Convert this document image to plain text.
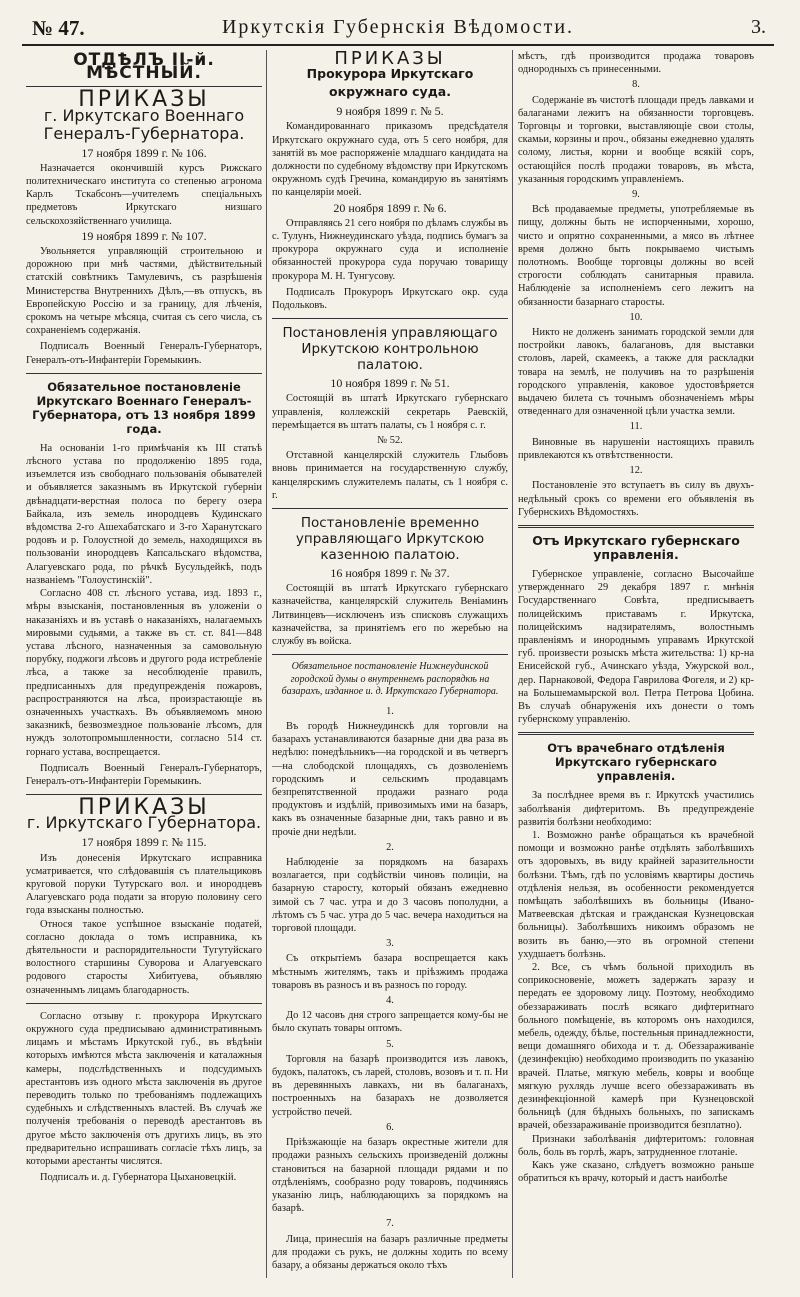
№ 47.	Иркутскія Губернскія Вѣдомости.	3.
ОТДѢЛЪ II-й. МѢСТНЫЙ.
ПРИКАЗЫ
г. Иркутскаго Военнаго Генералъ-Губернатора.
17 ноября 1899 г. № 106.

Назначается окончившій курсъ Рижскаго политехническаго института со степенью агронома Карлъ Тскабсонъ—учителемъ спеціальныхъ предметовъ Иркутскаго низшаго сельскохозяйственнаго училища.

19 ноября 1899 г. № 107.

Увольняется управляющій строительною и дорожною при мнѣ частями, дѣйствительный статскій совѣтникъ Тамулевичъ, съ разрѣшенія Министерства Внутреннихъ Дѣлъ,—въ отпускъ, въ Европейскую Россію и за границу, для лѣченія, срокомъ на четыре мѣсяца, считая съ сего числа, съ сохраненіемъ содержанія.

Подписалъ Военный Генералъ-Губернаторъ, Генералъ-отъ-Инфантеріи Горемыкинъ.

Обязательное постановленіе Иркутскаго Военнаго Генералъ-Губернатора, отъ 13 ноября 1899 года.

На основаніи 1-го примѣчанія къ III статьѣ лѣсного устава по продолженію 1895 года, изъемлется изъ свободнаго пользованія обывателей и объявляется заказнымъ въ Иркутской губерніи двѣнадцати-верстная полоса по берегу озера Байкала, изъ земель инородцевъ Кудинскаго вѣдомства 2-го Ашехабатскаго и 3-го Харанутскаго родовъ и р. Голоустной до земель, находящихся въ пользованіи инородцевъ Капсальскаго вѣдомства, Алагуевскаго рода, по рѣчкѣ Бусульдейкѣ, подъ названіемъ "Голоустинскій".

Согласно 408 ст. лѣсного устава, изд. 1893 г., мѣры взысканія, постановленныя въ уложеніи о наказаніяхъ и въ уставѣ о наказаніяхъ, налагаемыхъ мировыми судьями, а также въ ст. ст. 841—848 устава лѣсного, назначенныя за самовольную порубку, поджоги лѣсовъ и другого рода истребленіе лѣса, а также за несоблюденіе правилъ, предписанныхъ для предупрежденія пожаровъ, распространяются на лѣса, произрастающіе въ означенныхъ участкахъ. Въ объявляемомъ мною заказникѣ, безвозмездное пользованіе лѣсомъ, для нуждъ золотопромышленности, согласно 514 ст. горнаго устава, воспрещается.

Подписалъ Военный Генералъ-Губернаторъ, Генералъ-отъ-Инфантеріи Горемыкинъ.

ПРИКАЗЫ
г. Иркутскаго Губернатора.
17 ноября 1899 г. № 115.

Изъ донесенія Иркутскаго исправника усматривается, что слѣдовавшія съ плательщиковъ круговой поруки Тутурскаго вол. и инородцевъ Алагуевскаго рода подати за вторую половину сего года взысканы полностью.

Относя такое успѣшное взысканіе податей, согласно доклада о томъ исправника, къ дѣятельности и распорядительности Тугутуйскаго волостного старшины Суворова и Алагуевскаго родового старосты Хибитуева, объявляю означеннымъ лицамъ благодарность.

Согласно отзыву г. прокурора Иркутскаго окружного суда предписываю административнымъ лицамъ и мѣстамъ Иркутской губ., въ вѣдѣніи которыхъ имѣются мѣста заключенія и каталажныя камеры, подслѣдственныхъ и подсудимыхъ арестантовъ изъ одного мѣста заключенія въ другое переводить только по требованіямъ подлежащихъ судебныхъ и слѣдственныхъ властей. Въ случаѣ же полученія требованія о переводѣ арестантовъ въ другое мѣсто заключенія отъ другихъ лицъ, въ это предварительно испрашивать согласіе тѣхъ лицъ, за которыми арестанты числятся.

Подписалъ и. д. Губернатора Цыхановецкій.

ПРИКАЗЫ
Прокурора Иркутскаго окружнаго суда.
9 ноября 1899 г. № 5.

Командированнаго приказомъ предсѣдателя Иркутскаго окружнаго суда, отъ 5 сего ноября, для занятій въ мое распоряженіе младшаго кандидата на должности по судебному вѣдомству при Иркутскомъ окружномъ судѣ Гречина, командирую въ занятіямъ по канцеляріи моей.

20 ноября 1899 г. № 6.

Отправляясь 21 сего ноября по дѣламъ службы въ с. Тулунъ, Нижнеудинскаго уѣзда, подпись бумагъ за прокурора окружнаго суда и исполненіе обязанностей прокурора суда поручаю товарищу прокурора М. Н. Тунгусову.

Подписалъ Прокуроръ Иркутскаго окр. суда Подольковъ.

Постановленія управляющаго Иркутскою контрольною палатою.
10 ноября 1899 г. № 51.

Состоящій въ штатѣ Иркутскаго губернскаго управленія, коллежскій секретарь Раевскій, перемѣщается въ штатъ палаты, съ 1 ноября с. г.

№ 52.

Отставной канцелярскій служитель Глыбовъ вновь принимается на государственную службу, канцелярскимъ служителемъ палаты, съ 1 ноября с. г.

Постановленіе временно управляющаго Иркутскою казенною палатою.
16 ноября 1899 г. № 37.

Состоящій въ штатѣ Иркутскаго губернскаго казначейства, канцелярскій служитель Веніаминъ Литвинцевъ—исключенъ изъ списковъ служащихъ казначейства, за принятіемъ его по жеребью на службу въ войска.

Обязательное постановленіе Нижнеудинской городской думы о внутреннемъ распорядкѣ на базарахъ, изданное и. д. Иркутскаго Губернатора.
1.

Въ городѣ Нижнеудинскѣ для торговли на базарахъ устанавливаются базарные дни два раза въ недѣлю: понедѣльникъ—на городской и въ четвергъ—на слободской площадяхъ, съ дозволеніемъ городскимъ и сельскимъ продавцамъ безпрепятственной продажи разнаго рода продуктовъ и издѣлій, привозимыхъ ими на базаръ, какъ въ означенные базарные дни, такъ равно и въ прочіе дни недѣли.

2.

Наблюденіе за порядкомъ на базарахъ возлагается, при содѣйствіи чиновъ полиціи, на базарную старосту, который обязанъ ежедневно зимой съ 7 час. утра и до 3 часовъ пополудни, а лѣтомъ съ 5 час. утра до 5 час. вечера находиться на торговой площади.

3.

Съ открытіемъ базара воспрещается какъ мѣстнымъ жителямъ, такъ и пріѣзжимъ продажа товаровъ въ разносъ и въ разносъ по городу.

4.

До 12 часовъ дня строго запрещается кому-бы не было скупать товары оптомъ.

5.

Торговля на базарѣ производится изъ лавокъ, будокъ, палатокъ, съ ларей, столовъ, возовъ и т. п. Ни въ деревянныхъ лавкахъ, ни въ балаганахъ, построенныхъ на базарахъ не дозволяется устройство печей.

6.

Пріѣзжающіе на базаръ окрестные жители для продажи разныхъ сельскихъ произведеній должны становиться на базарной площади рядами и по отдѣленіямъ, сообразно роду товаровъ, подчиняясь указанію лицъ, наблюдающихъ за порядкомъ на базарѣ.

7.

Лица, принесшія на базаръ различные предметы для продажи съ рукъ, не должны ходить по всему базару, а обязаны держаться около тѣхъ

мѣстъ, гдѣ производится продажа товаровъ однородныхъ съ принесенными.

8.

Содержаніе въ чистотѣ площади предъ лавками и балаганами лежитъ на обязанности торговцевъ. Торговцы и торговки, выставляющіе свои столы, скамьи, корзины и проч., обязаны ежедневно удалять солому, листья, корни и вообще всякій соръ, остающійся послѣ продажи товаровъ, въ мѣста, указанныя городскимъ управленіемъ.

9.

Всѣ продаваемые предметы, употребляемые въ пищу, должны быть не испорченными, хорошо, чисто и опрятно сохраненными, а мясо въ лѣтнее время должно быть покрываемо чистымъ полотномъ. Вообще торговцы должны во всей строгости соблюдать санитарныя правила. Наблюденіе за исполненіемъ сего лежитъ на обязанности базарнаго старосты.

10.

Никто не долженъ занимать городской земли для постройки лавокъ, балагановъ, для выставки столовъ, ларей, скамеекъ, а также для раскладки товара на землѣ, не получивъ на то разрѣшенія городского управленія, каковое удостовѣряется выдачею билета съ точнымъ обозначеніемъ мѣры отведеннаго для означенной цѣли участка земли.

11.

Виновные въ нарушеніи настоящихъ правилъ привлекаются къ отвѣтственности.

12.

Постановленіе это вступаетъ въ силу въ двухъ-недѣльный срокъ со времени его объявленія въ Губернскихъ Вѣдомостяхъ.

Отъ Иркутскаго губернскаго управленія.

Губернское управленіе, согласно Высочайше утвержденнаго 29 декабря 1897 г. мнѣнія Государственнаго Совѣта, предписываетъ полицейскимъ приставамъ г. Иркутска, полицейскимъ надзирателямъ, волостнымъ правленіямъ и инороднымъ управамъ Иркутской губ. произвести розыскъ мѣста жительства: 1) кр-на Енисейской губ., Ачинскаго уѣзда, Ужурской вол., дер. Парнаковой, Федора Гаврилова Фогеля, и 2) кр-на Большемамырской вол. Петра Петрова Цобина. Въ случаѣ обнаруженія ихъ донести о томъ губернскому управленію.

Отъ врачебнаго отдѣленія Иркутскаго губернскаго управленія.

За послѣднее время въ г. Иркутскѣ участились заболѣванія дифтеритомъ. Въ предупрежденіе развитія болѣзни необходимо:

1. Возможно ранѣе обращаться къ врачебной помощи и возможно ранѣе отдѣлять заболѣвшихъ отъ здоровыхъ, въ виду крайней заразительности болѣзни. Тѣмъ, гдѣ по условіямъ квартиры достичь отдѣленія нельзя, въ особенности рекомендуется помѣщать заболѣвшихъ въ больницы (Ивано-Матвеевская дѣтская и гражданская Кузнецовская больницы). Заболѣвшихъ никоимъ образомъ не возить въ баню,—это въ огромной степени ухудшаетъ болѣзнь.

2. Все, съ чѣмъ больной приходилъ въ соприкосновеніе, можетъ задержать заразу и передать ее здоровому лицу. Поэтому, необходимо обеззараживать послѣ всякаго дифтеритнаго больного помѣщеніе, въ которомъ онъ находился, мебель, одежду, бѣлье, постельныя принадлежности, вещи домашняго обихода и т. д. Обеззараживаніе (дезинфекцію) необходимо производить по указанію врачей. Платье, мягкую мебель, ковры и вообще мягкую рухлядь лучше всего обеззараживать въ дезинфекціонной камерѣ при Кузнецовской больницѣ (для бѣдныхъ больныхъ, по запискамъ врачей, обеззараживаніе производится безплатно).

Признаки заболѣванія дифтеритомъ: головная боль, боль въ горлѣ, жаръ, затрудненное глотаніе.

Какъ уже сказано, слѣдуетъ возможно раньше обратиться къ врачу, который и дастъ наиболѣе
